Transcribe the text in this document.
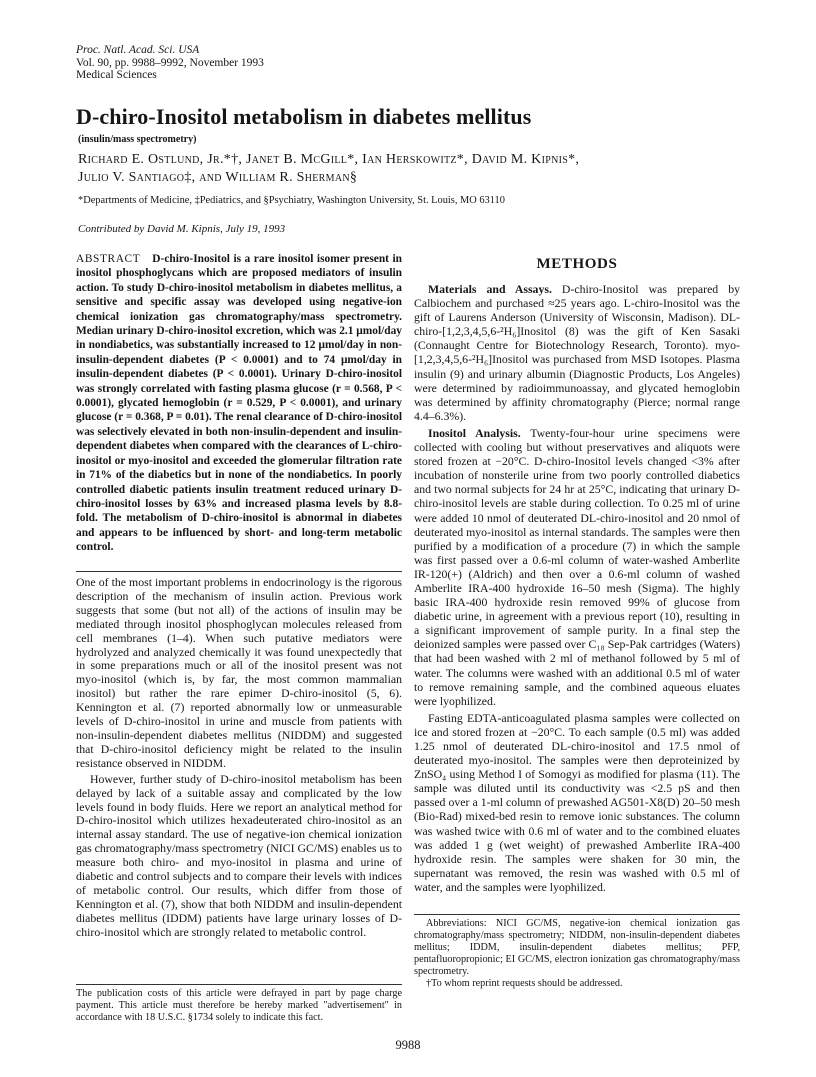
Proc. Natl. Acad. Sci. USA
Vol. 90, pp. 9988–9992, November 1993
Medical Sciences
D-chiro-Inositol metabolism in diabetes mellitus
(insulin/mass spectrometry)
Richard E. Ostlund, Jr.*†, Janet B. McGill*, Ian Herskowitz*, David M. Kipnis*,
Julio V. Santiago‡, and William R. Sherman§
*Departments of Medicine, ‡Pediatrics, and §Psychiatry, Washington University, St. Louis, MO 63110
Contributed by David M. Kipnis, July 19, 1993
ABSTRACT D-chiro-Inositol is a rare inositol isomer present in inositol phosphoglycans which are proposed mediators of insulin action. To study D-chiro-inositol metabolism in diabetes mellitus, a sensitive and specific assay was developed using negative-ion chemical ionization gas chromatography/mass spectrometry. Median urinary D-chiro-inositol excretion, which was 2.1 μmol/day in nondiabetics, was substantially increased to 12 μmol/day in non-insulin-dependent diabetes (P < 0.0001) and to 74 μmol/day in insulin-dependent diabetes (P < 0.0001). Urinary D-chiro-inositol was strongly correlated with fasting plasma glucose (r = 0.568, P < 0.0001), glycated hemoglobin (r = 0.529, P < 0.0001), and urinary glucose (r = 0.368, P = 0.01). The renal clearance of D-chiro-inositol was selectively elevated in both non-insulin-dependent and insulin-dependent diabetes when compared with the clearances of L-chiro-inositol or myo-inositol and exceeded the glomerular filtration rate in 71% of the diabetics but in none of the nondiabetics. In poorly controlled diabetic patients insulin treatment reduced urinary D-chiro-inositol losses by 63% and increased plasma levels by 8.8-fold. The metabolism of D-chiro-inositol is abnormal in diabetes and appears to be influenced by short- and long-term metabolic control.

One of the most important problems in endocrinology is the rigorous description of the mechanism of insulin action. Previous work suggests that some (but not all) of the actions of insulin may be mediated through inositol phosphoglycan molecules released from cell membranes (1–4). When such putative mediators were hydrolyzed and analyzed chemically it was found unexpectedly that in some preparations much or all of the inositol present was not myo-inositol (which is, by far, the most common mammalian inositol) but rather the rare epimer D-chiro-inositol (5, 6). Kennington et al. (7) reported abnormally low or unmeasurable levels of D-chiro-inositol in urine and muscle from patients with non-insulin-dependent diabetes mellitus (NIDDM) and suggested that D-chiro-inositol deficiency might be related to the insulin resistance observed in NIDDM.

However, further study of D-chiro-inositol metabolism has been delayed by lack of a suitable assay and complicated by the low levels found in body fluids. Here we report an analytical method for D-chiro-inositol which utilizes hexadeuterated chiro-inositol as an internal assay standard. The use of negative-ion chemical ionization gas chromatography/mass spectrometry (NICI GC/MS) enables us to measure both chiro- and myo-inositol in plasma and urine of diabetic and control subjects and to compare their levels with indices of metabolic control. Our results, which differ from those of Kennington et al. (7), show that both NIDDM and insulin-dependent diabetes mellitus (IDDM) patients have large urinary losses of D-chiro-inositol which are strongly related to metabolic control.

The publication costs of this article were defrayed in part by page charge payment. This article must therefore be hereby marked "advertisement" in accordance with 18 U.S.C. §1734 solely to indicate this fact.
METHODS

Materials and Assays. D-chiro-Inositol was prepared by Calbiochem and purchased ≈25 years ago. L-chiro-Inositol was the gift of Laurens Anderson (University of Wisconsin, Madison). DL-chiro-[1,2,3,4,5,6-²H₆]Inositol (8) was the gift of Ken Sasaki (Connaught Centre for Biotechnology Research, Toronto). myo-[1,2,3,4,5,6-²H₆]Inositol was purchased from MSD Isotopes. Plasma insulin (9) and urinary albumin (Diagnostic Products, Los Angeles) were determined by radioimmunoassay, and glycated hemoglobin was determined by affinity chromatography (Pierce; normal range 4.4–6.3%).

Inositol Analysis. Twenty-four-hour urine specimens were collected with cooling but without preservatives and aliquots were stored frozen at −20°C. D-chiro-Inositol levels changed <3% after incubation of nonsterile urine from two poorly controlled diabetics and two normal subjects for 24 hr at 25°C, indicating that urinary D-chiro-inositol levels are stable during collection. To 0.25 ml of urine were added 10 nmol of deuterated DL-chiro-inositol and 20 nmol of deuterated myo-inositol as internal standards. The samples were then purified by a modification of a procedure (7) in which the sample was first passed over a 0.6-ml column of water-washed Amberlite IR-120(+) (Aldrich) and then over a 0.6-ml column of washed Amberlite IRA-400 hydroxide 16–50 mesh (Sigma). The highly basic IRA-400 hydroxide resin removed 99% of glucose from diabetic urine, in agreement with a previous report (10), resulting in a significant improvement of sample purity. In a final step the deionized samples were passed over C₁₈ Sep-Pak cartridges (Waters) that had been washed with 2 ml of methanol followed by 5 ml of water. The columns were washed with an additional 0.5 ml of water to remove remaining sample, and the combined aqueous eluates were lyophilized.

Fasting EDTA-anticoagulated plasma samples were collected on ice and stored frozen at −20°C. To each sample (0.5 ml) was added 1.25 nmol of deuterated DL-chiro-inositol and 17.5 nmol of deuterated myo-inositol. The samples were then deproteinized by ZnSO₄ using Method I of Somogyi as modified for plasma (11). The sample was diluted until its conductivity was <2.5 pS and then passed over a 1-ml column of prewashed AG501-X8(D) 20–50 mesh (Bio-Rad) mixed-bed resin to remove ionic substances. The column was washed twice with 0.6 ml of water and to the combined eluates was added 1 g (wet weight) of prewashed Amberlite IRA-400 hydroxide resin. The samples were shaken for 30 min, the supernatant was removed, the resin was washed with 0.5 ml of water, and the samples were lyophilized.

Abbreviations: NICI GC/MS, negative-ion chemical ionization gas chromatography/mass spectrometry; NIDDM, non-insulin-dependent diabetes mellitus; IDDM, insulin-dependent diabetes mellitus; PFP, pentafluoropropionic; EI GC/MS, electron ionization gas chromatography/mass spectrometry.
†To whom reprint requests should be addressed.
9988
